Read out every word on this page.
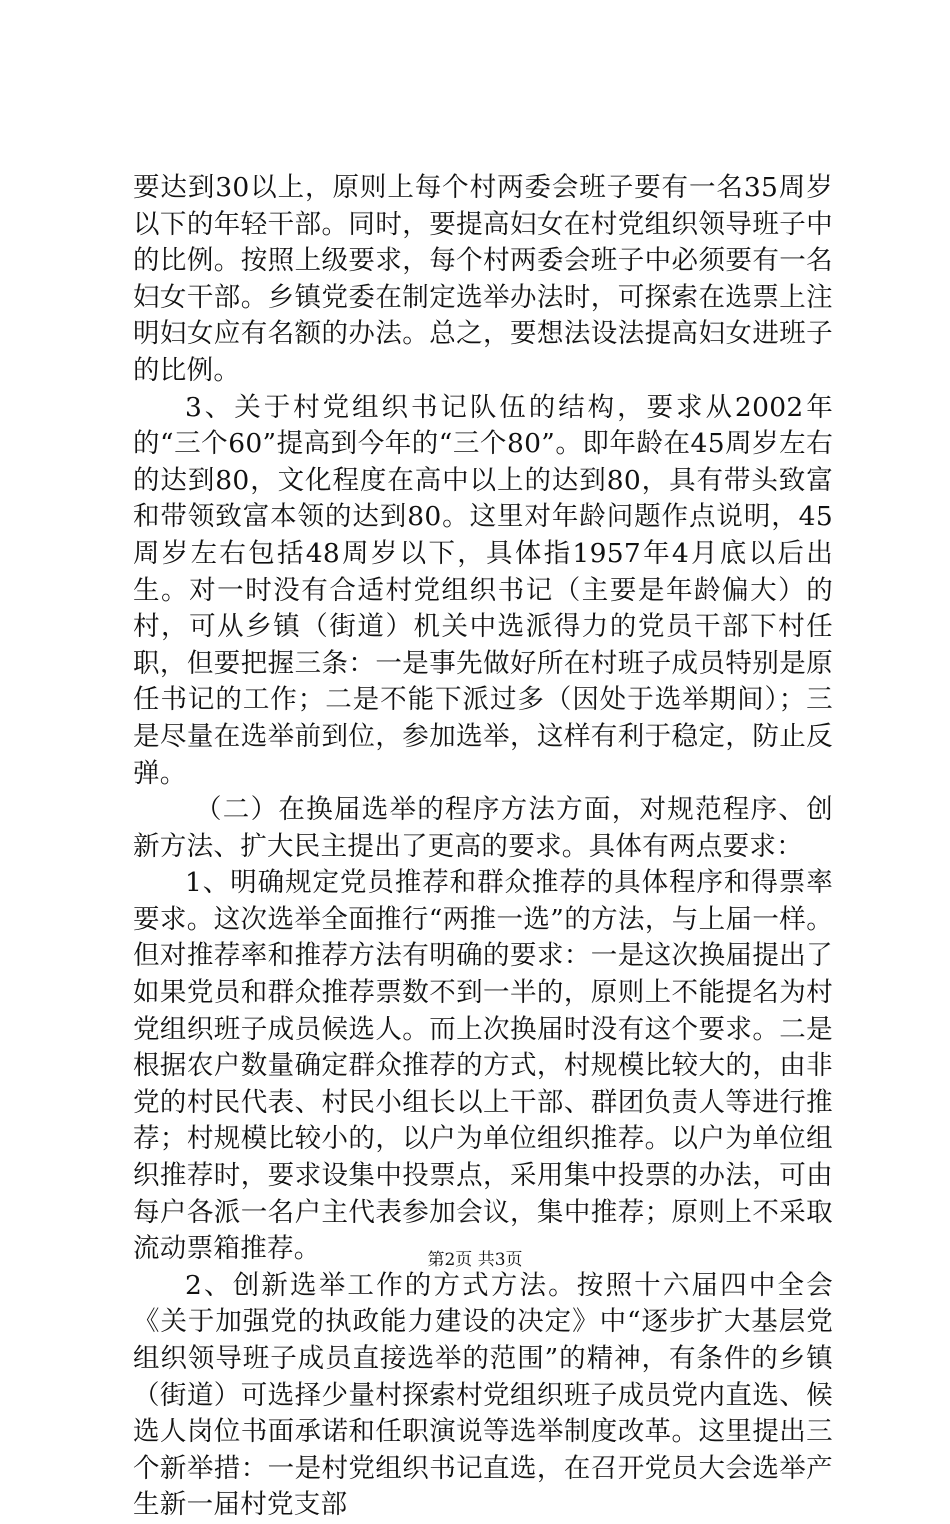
要达到30以上，原则上每个村两委会班子要有一名35周岁以下的年轻干部。同时，要提高妇女在村党组织领导班子中的比例。按照上级要求，每个村两委会班子中必须要有一名妇女干部。乡镇党委在制定选举办法时，可探索在选票上注明妇女应有名额的办法。总之，要想法设法提高妇女进班子的比例。

3、关于村党组织书记队伍的结构，要求从2002年的“三个60”提高到今年的“三个80”。即年龄在45周岁左右的达到80，文化程度在高中以上的达到80，具有带头致富和带领致富本领的达到80。这里对年龄问题作点说明，45周岁左右包括48周岁以下，具体指1957年4月底以后出生。对一时没有合适村党组织书记（主要是年龄偏大）的村，可从乡镇（街道）机关中选派得力的党员干部下村任职，但要把握三条：一是事先做好所在村班子成员特别是原任书记的工作；二是不能下派过多（因处于选举期间）；三是尽量在选举前到位，参加选举，这样有利于稳定，防止反弹。

（二）在换届选举的程序方法方面，对规范程序、创新方法、扩大民主提出了更高的要求。具体有两点要求：

1、明确规定党员推荐和群众推荐的具体程序和得票率要求。这次选举全面推行“两推一选”的方法，与上届一样。但对推荐率和推荐方法有明确的要求：一是这次换届提出了如果党员和群众推荐票数不到一半的，原则上不能提名为村党组织班子成员候选人。而上次换届时没有这个要求。二是根据农户数量确定群众推荐的方式，村规模比较大的，由非党的村民代表、村民小组长以上干部、群团负责人等进行推荐；村规模比较小的，以户为单位组织推荐。以户为单位组织推荐时，要求设集中投票点，采用集中投票的办法，可由每户各派一名户主代表参加会议，集中推荐；原则上不采取流动票箱推荐。

2、创新选举工作的方式方法。按照十六届四中全会《关于加强党的执政能力建设的决定》中“逐步扩大基层党组织领导班子成员直接选举的范围”的精神，有条件的乡镇（街道）可选择少量村探索村党组织班子成员党内直选、候选人岗位书面承诺和任职演说等选举制度改革。这里提出三个新举措：一是村党组织书记直选，在召开党员大会选举产生新一届村党支部

第2页 共3页
